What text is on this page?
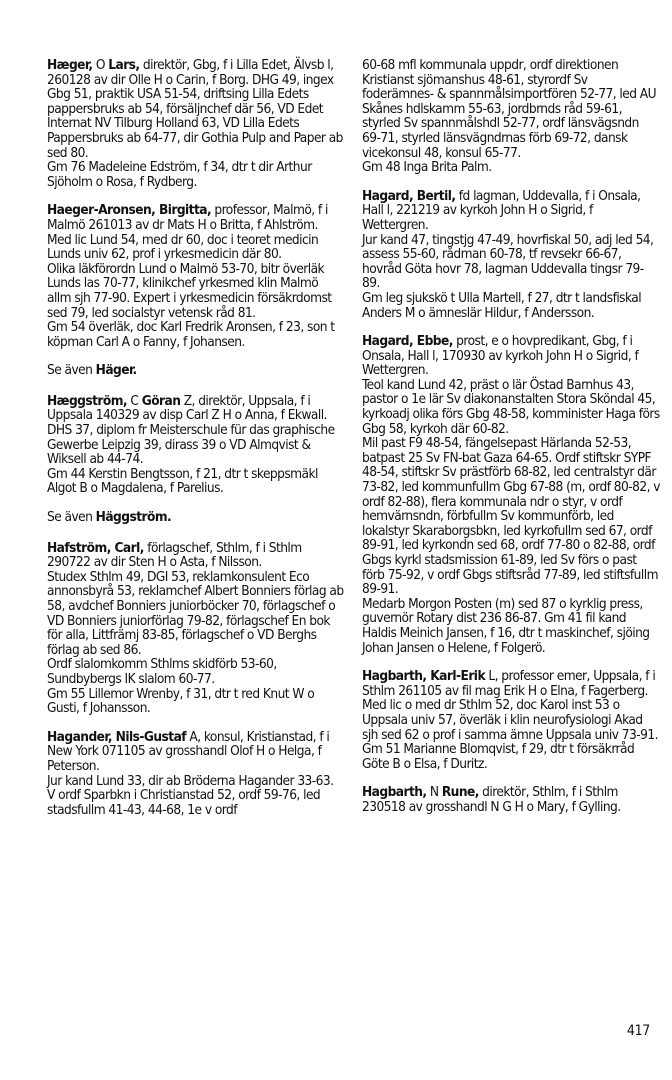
Hæger, O Lars, direktör, Gbg, f i Lilla Edet, Älvsb l, 260128 av dir Olle H o Carin, f Borg. DHG 49, ingex Gbg 51, praktik USA 51-54, driftsing Lilla Edets pappersbruks ab 54, försäljnchef där 56, VD Edet Internat NV Tilburg Holland 63, VD Lilla Edets Pappersbruks ab 64-77, dir Gothia Pulp and Paper ab sed 80.

Gm 76 Madeleine Edström, f 34, dtr t dir Arthur Sjöholm o Rosa, f Rydberg.

Haeger-Aronsen, Birgitta, professor, Malmö, f i Malmö 261013 av dr Mats H o Britta, f Ahlström.

Med lic Lund 54, med dr 60, doc i teoret medicin Lunds univ 62, prof i yrkesmedicin där 80.

Olika läkförordn Lund o Malmö 53-70, bitr överläk Lunds las 70-77, klinikchef yrkesmed klin Malmö allm sjh 77-90. Expert i yrkesmedicin försäkrdomst sed 79, led socialstyr vetensk råd 81.

Gm 54 överläk, doc Karl Fredrik Aronsen, f 23, son t köpman Carl A o Fanny, f Johansen.

Se även Häger.

Hæggström, C Göran Z, direktör, Uppsala, f i Uppsala 140329 av disp Carl Z H o Anna, f Ekwall.

DHS 37, diplom fr Meisterschule für das graphische Gewerbe Leipzig 39, dirass 39 o VD Almqvist & Wiksell ab 44-74.

Gm 44 Kerstin Bengtsson, f 21, dtr t skeppsmäkl Algot B o Magdalena, f Parelius.

Se även Häggström.

Hafström, Carl, förlagschef, Sthlm, f i Sthlm 290722 av dir Sten H o Asta, f Nilsson.

Studex Sthlm 49, DGI 53, reklamkonsulent Eco annonsbyrå 53, reklamchef Albert Bonniers förlag ab 58, avdchef Bonniers juniorböcker 70, förlagschef o VD Bonniers juniorförlag 79-82, förlagschef En bok för alla, Littfrämj 83-85, förlagschef o VD Berghs förlag ab sed 86.

Ordf slalomkomm Sthlms skidförb 53-60, Sundbybergs IK slalom 60-77.

Gm 55 Lillemor Wrenby, f 31, dtr t red Knut W o Gusti, f Johansson.

Hagander, Nils-Gustaf A, konsul, Kristianstad, f i New York 071105 av grosshandl Olof H o Helga, f Peterson.

Jur kand Lund 33, dir ab Bröderna Hagander 33-63.

V ordf Sparbkn i Christianstad 52, ordf 59-76, led stadsfullm 41-43, 44-68, 1e v ordf

60-68 mfl kommunala uppdr, ordf direktionen Kristianst sjömanshus 48-61, styrordf Sv foderämnes- & spannmålsimportfören 52-77, led AU Skånes hdlskamm 55-63, jordbrnds råd 59-61, styrled Sv spannmålshdl 52-77, ordf länsvägsndn 69-71, styrled länsvägndrnas förb 69-72, dansk vicekonsul 48, konsul 65-77.

Gm 48 Inga Brita Palm.

Hagard, Bertil, fd lagman, Uddevalla, f i Onsala, Hall l, 221219 av kyrkoh John H o Sigrid, f Wettergren.

Jur kand 47, tingstjg 47-49, hovrfiskal 50, adj led 54, assess 55-60, rådman 60-78, tf revsekr 66-67, hovråd Göta hovr 78, lagman Uddevalla tingsr 79-89.

Gm leg sjukskö t Ulla Martell, f 27, dtr t landsfiskal Anders M o ämneslär Hildur, f Andersson.

Hagard, Ebbe, prost, e o hovpredikant, Gbg, f i Onsala, Hall l, 170930 av kyrkoh John H o Sigrid, f Wettergren.

Teol kand Lund 42, präst o lär Östad Barnhus 43, pastor o 1e lär Sv diakonanstalten Stora Sköndal 45, kyrkoadj olika förs Gbg 48-58, komminister Haga förs Gbg 58, kyrkoh där 60-82.

Mil past F9 48-54, fängelsepast Härlanda 52-53, batpast 25 Sv FN-bat Gaza 64-65. Ordf stiftskr SYPF 48-54, stiftskr Sv prästförb 68-82, led centralstyr där 73-82, led kommunfullm Gbg 67-88 (m, ordf 80-82, v ordf 82-88), flera kommunala ndr o styr, v ordf hemvärnsndn, förbfullm Sv kommunförb, led lokalstyr Skaraborgsbkn, led kyrkofullm sed 67, ordf 89-91, led kyrkondn sed 68, ordf 77-80 o 82-88, ordf Gbgs kyrkl stadsmission 61-89, led Sv förs o past förb 75-92, v ordf Gbgs stiftsråd 77-89, led stiftsfullm 89-91.

Medarb Morgon Posten (m) sed 87 o kyrklig press, guvernör Rotary dist 236 86-87. Gm 41 fil kand Haldis Meinich Jansen, f 16, dtr t maskinchef, sjöing Johan Jansen o Helene, f Folgerö.

Hagbarth, Karl-Erik L, professor emer, Uppsala, f i Sthlm 261105 av fil mag Erik H o Elna, f Fagerberg.

Med lic o med dr Sthlm 52, doc Karol inst 53 o Uppsala univ 57, överläk i klin neurofysiologi Akad sjh sed 62 o prof i samma ämne Uppsala univ 73-91.

Gm 51 Marianne Blomqvist, f 29, dtr t försäkrråd Göte B o Elsa, f Duritz.

Hagbarth, N Rune, direktör, Sthlm, f i Sthlm 230518 av grosshandl N G H o Mary, f Gylling.

417
